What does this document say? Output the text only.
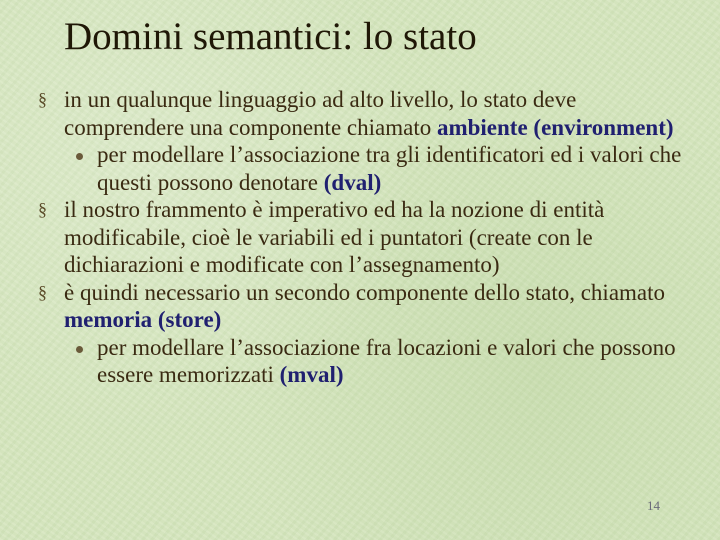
Domini semantici: lo stato
§ in un qualunque linguaggio ad alto livello, lo stato deve comprendere una componente chiamato ambiente (environment)
per modellare l’associazione tra gli identificatori ed i valori che questi possono denotare (dval)
§ il nostro frammento è imperativo ed ha la nozione di entità modificabile, cioè le variabili ed i puntatori (create con le dichiarazioni e modificate con l’assegnamento)
§ è quindi necessario un secondo componente dello stato, chiamato memoria (store)
per modellare l’associazione fra locazioni e valori che possono essere memorizzati (mval)
14
